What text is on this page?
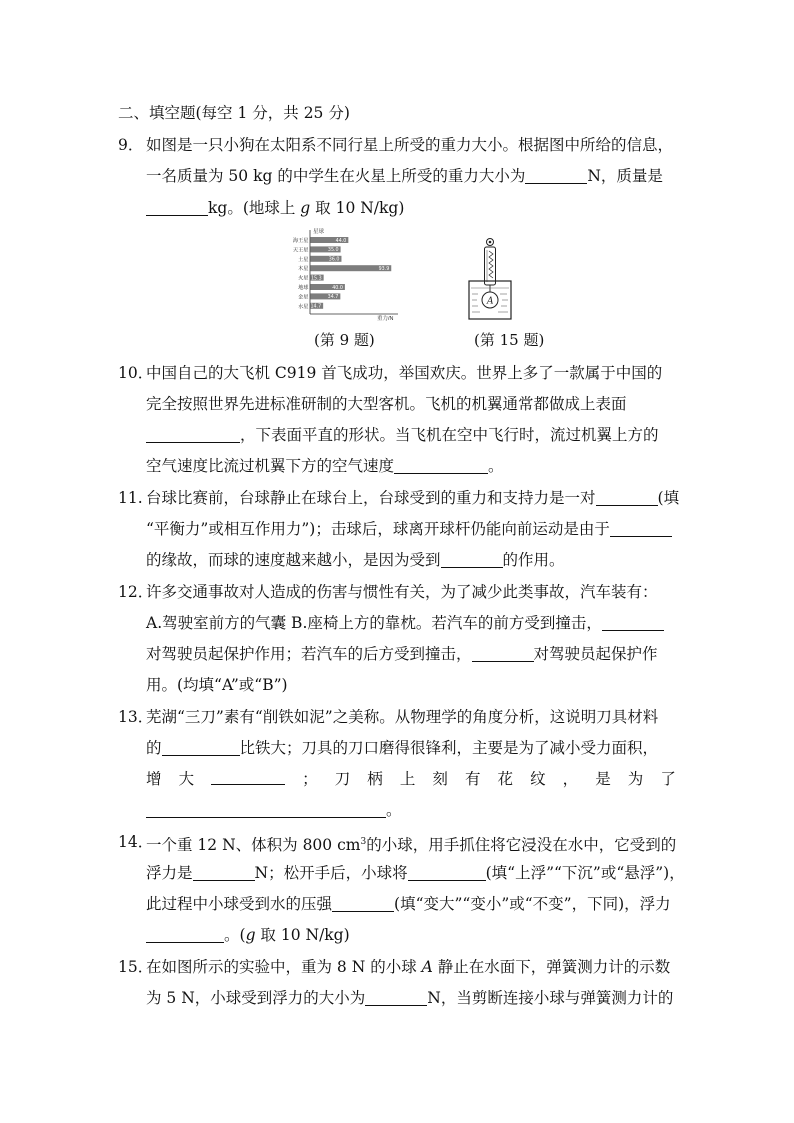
二、填空题(每空 1 分，共 25 分)
9． 如图是一只小狗在太阳系不同行星上所受的重力大小。根据图中所给的信息，
一名质量为 50 kg 的中学生在火星上所受的重力大小为	N，质量是
kg。(地球上 g 取 10 N/kg)
星球
重力/N
海王星	44.0
天王星	35.0
土星	36.0
木星	93.9
火星 15.3
地球	40.0
金星	34.7
水星 14.7
(第 9 题)
A
(第 15 题)
10．
中国自己的大飞机 C919 首飞成功，举国欢庆。世界上多了一款属于中国的
完全按照世界先进标准研制的大型客机。飞机的机翼通常都做成上表面
，下表面平直的形状。当飞机在空中飞行时，流过机翼上方的
空气速度比流过机翼下方的空气速度	。
11. 台球比赛前，台球静止在球台上，台球受到的重力和支持力是一对	(填
“平衡力”或相互作用力”)；击球后，球离开球杆仍能向前运动是由于
的缘故，而球的速度越来越小，是因为受到	的作用。
12．
许多交通事故对人造成的伤害与惯性有关，为了减少此类事故，汽车装有：
A.驾驶室前方的气囊 B.座椅上方的靠枕。若汽车的前方受到撞击，
对驾驶员起保护作用；若汽车的后方受到撞击，	对驾驶员起保护作
用。(均填“A”或“B”)
13．
芜湖“三刀”素有“削铁如泥”之美称。从物理学的角度分析，这说明刀具材料
的	比铁大；刀具的刀口磨得很锋利，主要是为了减小受力面积，
增 大	； 刀 柄 上 刻 有 花 纹 ， 是 为 了
。
14．
一个重 12 N、体积为 800 $cm^3$的小球，用手抓住将它浸没在水中，它受到的
浮力是	N；松开手后，小球将	(填“上浮”“下沉”或“悬浮”)，
此过程中小球受到水的压强	(填“变大”“变小”或“不变”，下同)，浮力
。(g 取 10 N/kg)
15．
在如图所示的实验中，重为 8 N 的小球 A 静止在水面下，弹簧测力计的示数
为 5 N，小球受到浮力的大小为	N，当剪断连接小球与弹簧测力计的
